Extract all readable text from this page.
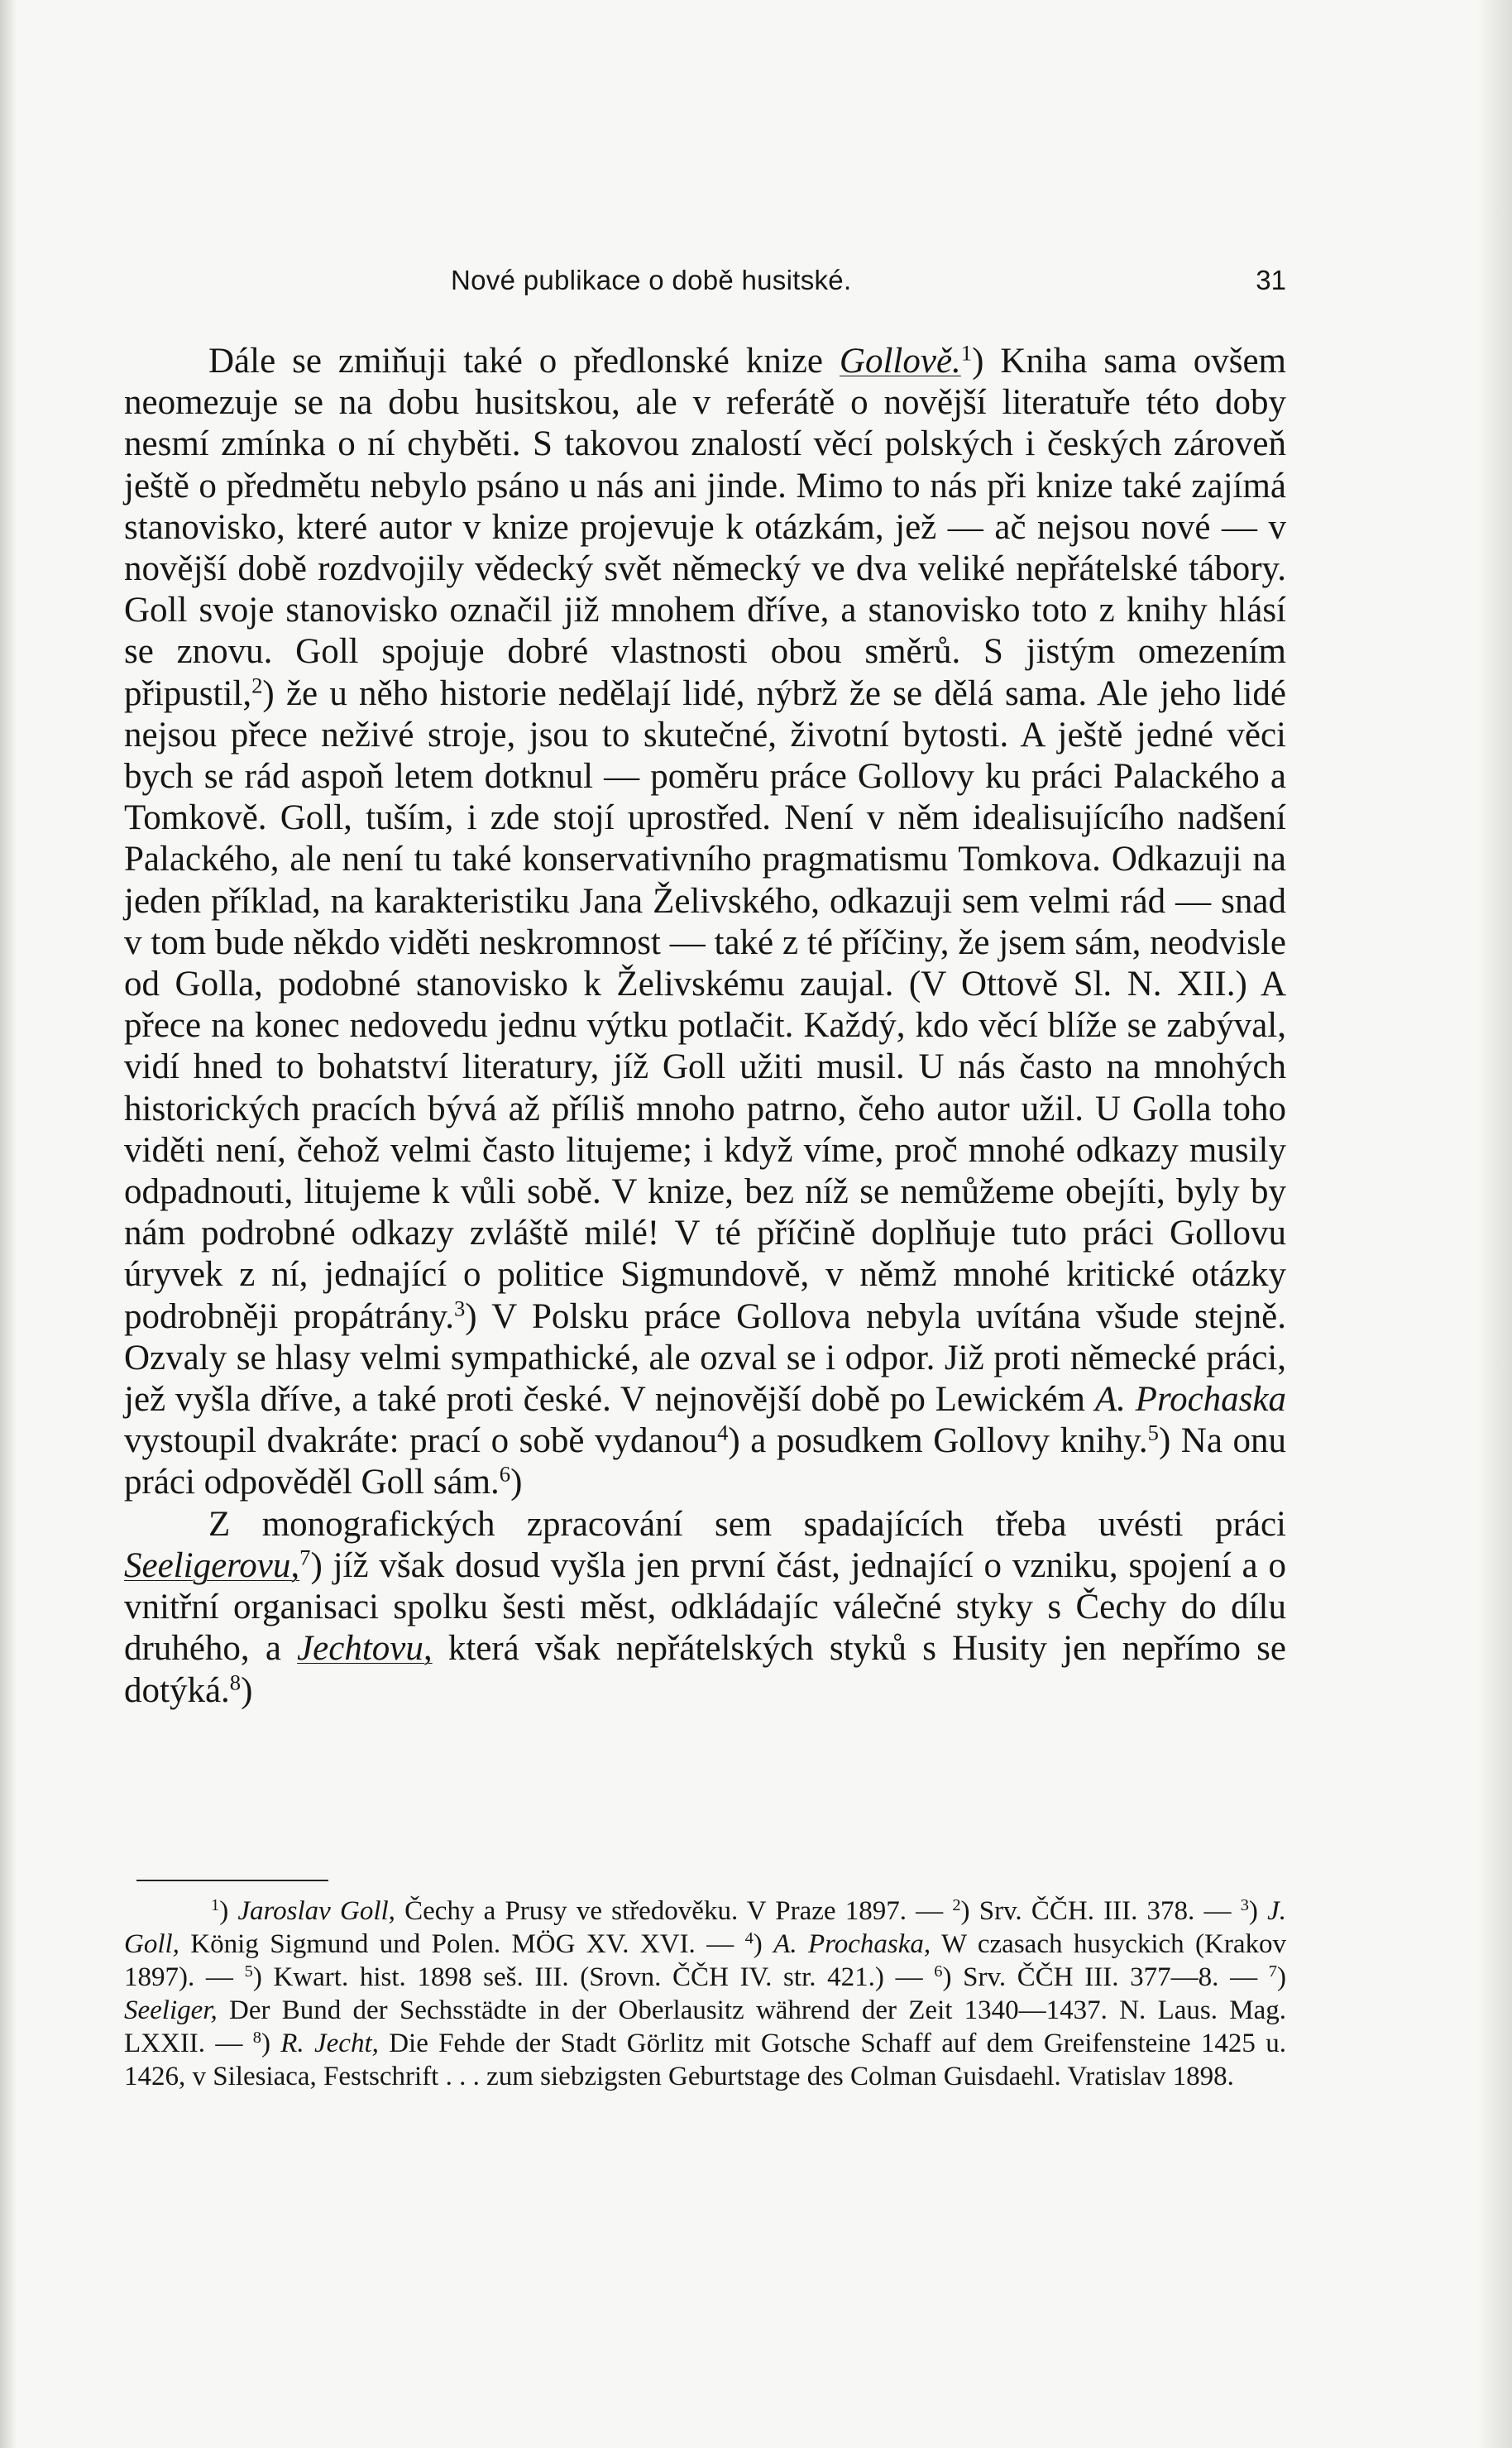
Nové publikace o době husitské.	31

Dále se zmiňuji také o předlonské knize Gollově.$^1$) Kniha sama ovšem neomezuje se na dobu husitskou, ale v referátě o novější literatuře této doby nesmí zmínka o ní chyběti. S takovou znalostí věcí polských i českých zároveň ještě o předmětu nebylo psáno u nás ani jinde. Mimo to nás při knize také zajímá stanovisko, které autor v knize projevuje k otázkám, jež — ač nejsou nové — v novější době rozdvojily vědecký svět německý ve dva veliké nepřátelské tábory. Goll svoje stanovisko označil již mnohem dříve, a stanovisko toto z knihy hlásí se znovu. Goll spojuje dobré vlastnosti obou směrů. S jistým omezením připustil,$^2$) že u něho historie nedělají lidé, nýbrž že se dělá sama. Ale jeho lidé nejsou přece neživé stroje, jsou to skutečné, životní bytosti. A ještě jedné věci bych se rád aspoň letem dotknul — poměru práce Gollovy ku práci Palackého a Tomkově. Goll, tuším, i zde stojí uprostřed. Není v něm idealisujícího nadšení Palackého, ale není tu také konservativního pragmatismu Tomkova. Odkazuji na jeden příklad, na karakteristiku Jana Želivského, odkazuji sem velmi rád — snad v tom bude někdo viděti neskromnost — také z té příčiny, že jsem sám, neodvisle od Golla, podobné stanovisko k Želivskému zaujal. (V Ottově Sl. N. XII.) A přece na konec nedovedu jednu výtku potlačit. Každý, kdo věcí blíže se zabýval, vidí hned to bohatství literatury, jíž Goll užiti musil. U nás často na mnohých historických pracích bývá až příliš mnoho patrno, čeho autor užil. U Golla toho viděti není, čehož velmi často litujeme; i když víme, proč mnohé odkazy musily odpadnouti, litujeme k vůli sobě. V knize, bez níž se nemůžeme obejíti, byly by nám podrobné odkazy zvláště milé! V té příčině doplňuje tuto práci Gollovu úryvek z ní, jednající o politice Sigmundově, v němž mnohé kritické otázky podrobněji propátrány.$^3$) V Polsku práce Gollova nebyla uvítána všude stejně. Ozvaly se hlasy velmi sympathické, ale ozval se i odpor. Již proti německé práci, jež vyšla dříve, a také proti české. V nejnovější době po Lewickém A. Prochaska vystoupil dvakráte: prací o sobě vydanou$^4$) a posudkem Gollovy knihy.$^5$) Na onu práci odpověděl Goll sám.$^6$)

Z monografických zpracování sem spadajících třeba uvésti práci Seeligerovu,$^7$) jíž však dosud vyšla jen první část, jednající o vzniku, spojení a o vnitřní organisaci spolku šesti měst, odkládajíc válečné styky s Čechy do dílu druhého, a Jechtovu, která však nepřátelských styků s Husity jen nepřímo se dotýká.$^8$)

$^1$) Jaroslav Goll, Čechy a Prusy ve středověku. V Praze 1897. — $^2$) Srv. ČČH. III. 378. — $^3$) J. Goll, König Sigmund und Polen. MÖG XV. XVI. — $^4$) A. Prochaska, W czasach husyckich (Krakov 1897). — $^5$) Kwart. hist. 1898 seš. III. (Srovn. ČČH IV. str. 421.) — $^6$) Srv. ČČH III. 377—8. — $^7$) Seeliger, Der Bund der Sechsstädte in der Oberlausitz während der Zeit 1340—1437. N. Laus. Mag. LXXII. — $^8$) R. Jecht, Die Fehde der Stadt Görlitz mit Gotsche Schaff auf dem Greifensteine 1425 u. 1426, v Silesiaca, Festschrift . . . zum siebzigsten Geburtstage des Colman Guisdaehl. Vratislav 1898.
